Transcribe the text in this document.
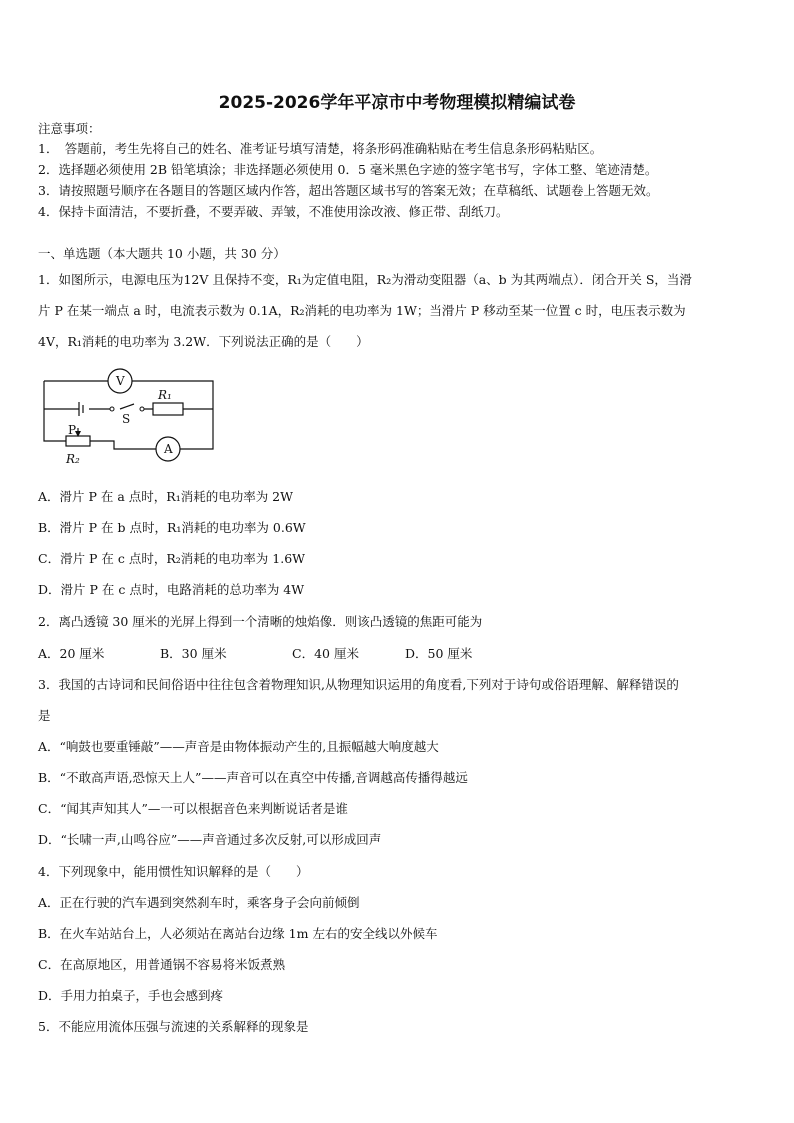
2025-2026学年平凉市中考物理模拟精编试卷
注意事项：
1．　答题前，考生先将自己的姓名、准考证号填写清楚，将条形码准确粘贴在考生信息条形码粘贴区。
2．选择题必须使用 2B 铅笔填涂；非选择题必须使用 0．5 毫米黑色字迹的签字笔书写，字体工整、笔迹清楚。
3．请按照题号顺序在各题目的答题区域内作答，超出答题区域书写的答案无效；在草稿纸、试题卷上答题无效。
4．保持卡面清洁，不要折叠，不要弄破、弄皱，不准使用涂改液、修正带、刮纸刀。
一、单选题（本大题共 10 小题，共 30 分）
1．如图所示，电源电压为12V 且保持不变，R₁为定值电阻，R₂为滑动变阻器（a、b 为其两端点）．闭合开关 S，当滑
片 P 在某一端点 a 时，电流表示数为 0.1A，R₂消耗的电功率为 1W；当滑片 P 移动至某一位置 c 时，电压表示数为
4V，R₁消耗的电功率为 3.2W．下列说法正确的是（　　）
V
A
R₁
R₂
S
P
A．滑片 P 在 a 点时，R₁消耗的电功率为 2W
B．滑片 P 在 b 点时，R₁消耗的电功率为 0.6W
C．滑片 P 在 c 点时，R₂消耗的电功率为 1.6W
D．滑片 P 在 c 点时，电路消耗的总功率为 4W
2．离凸透镜 30 厘米的光屏上得到一个清晰的烛焰像．则该凸透镜的焦距可能为
A．20 厘米	B．30 厘米	C．40 厘米	D．50 厘米
3．我国的古诗词和民间俗语中往往包含着物理知识,从物理知识运用的角度看,下列对于诗句或俗语理解、解释错误的
是
A．“响鼓也要重锤敲”——声音是由物体振动产生的,且振幅越大响度越大
B．“不敢高声语,恐惊天上人”——声音可以在真空中传播,音调越高传播得越远
C．“闻其声知其人”—一可以根据音色来判断说话者是谁
D．“长啸一声,山鸣谷应”——声音通过多次反射,可以形成回声
4．下列现象中，能用惯性知识解释的是（　　）
A．正在行驶的汽车遇到突然刹车时，乘客身子会向前倾倒
B．在火车站站台上，人必须站在离站台边缘 1m 左右的安全线以外候车
C．在高原地区，用普通锅不容易将米饭煮熟
D．手用力拍桌子，手也会感到疼
5．不能应用流体压强与流速的关系解释的现象是
